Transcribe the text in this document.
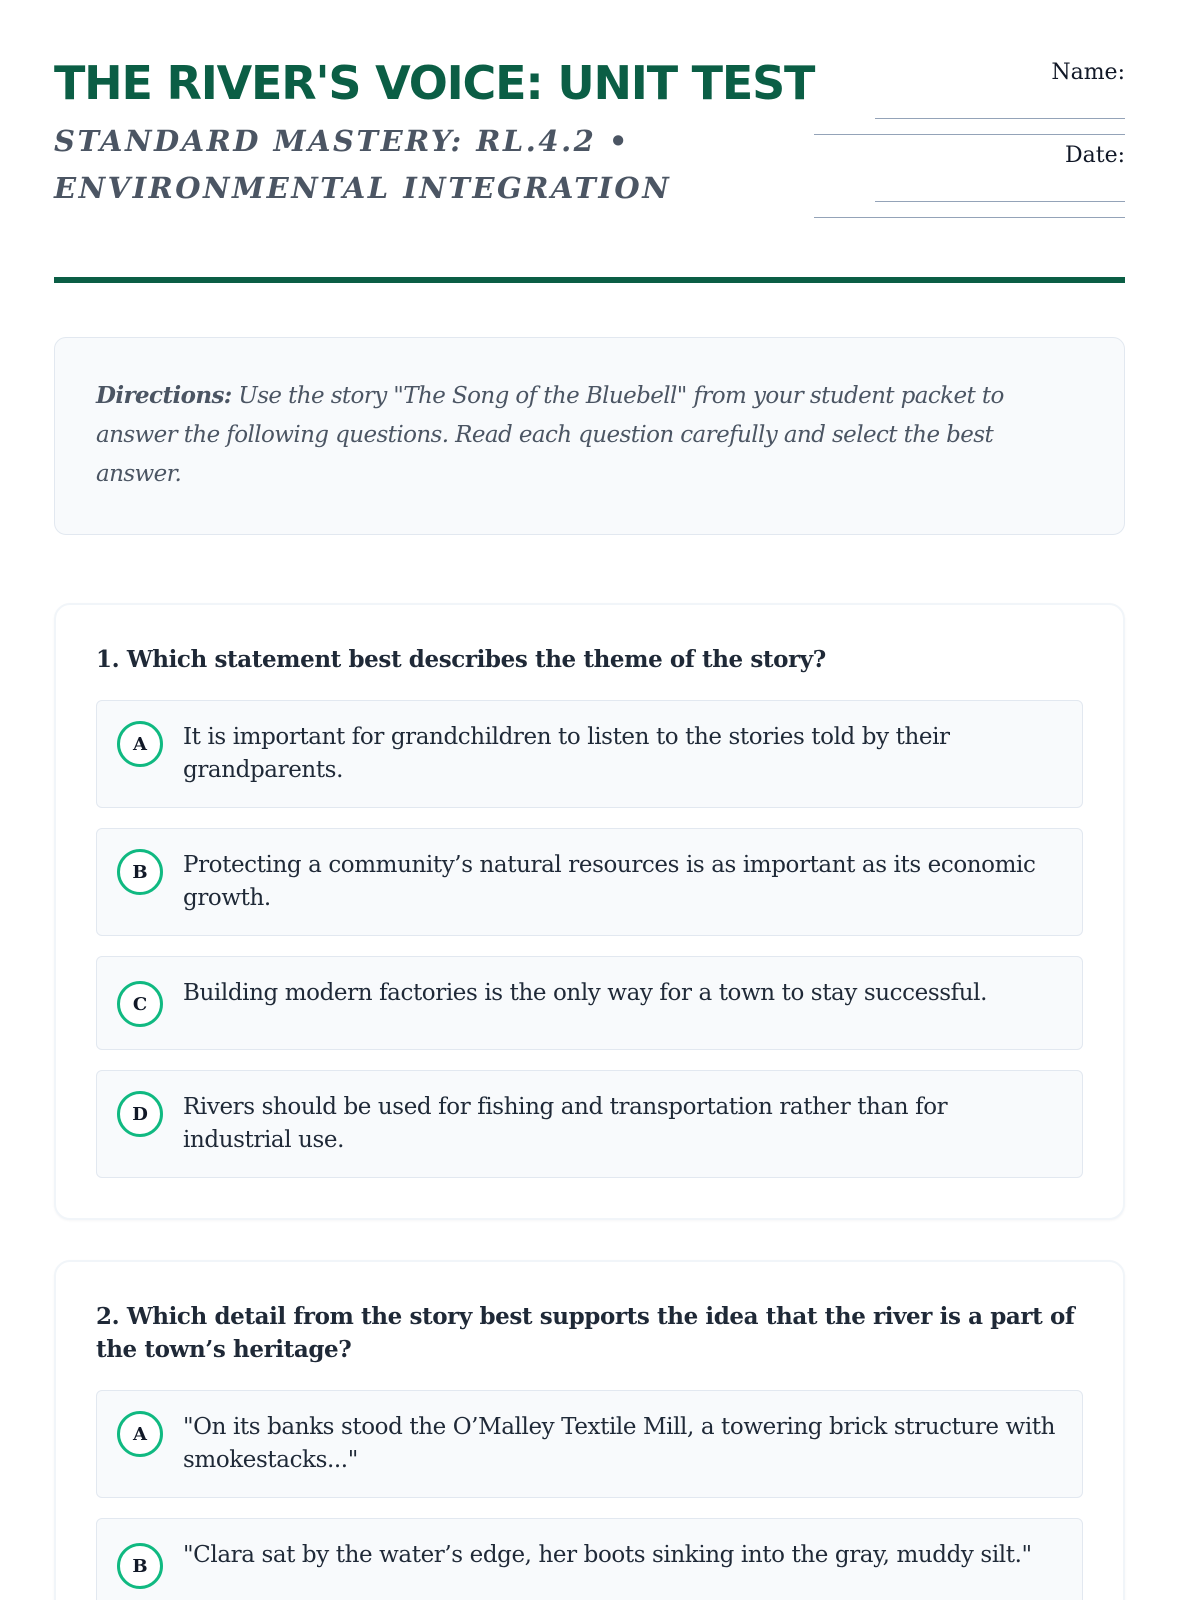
THE RIVER'S VOICE: UNIT TEST

STANDARD MASTERY: RL.4.2 •
ENVIRONMENTAL INTEGRATION

Name:
Date:
Directions: Use the story "The Song of the Bluebell" from your student packet to answer the following questions. Read each question carefully and select the best answer.

1. Which statement best describes the theme of the story?

A	It is important for grandchildren to listen to the stories told by their grandparents.
B	Protecting a community’s natural resources is as important as its economic growth.
C	Building modern factories is the only way for a town to stay successful.
D	Rivers should be used for fishing and transportation rather than for industrial use.

2. Which detail from the story best supports the idea that the river is a part of the town’s heritage?

A	"On its banks stood the O’Malley Textile Mill, a towering brick structure with smokestacks..."
B	"Clara sat by the water’s edge, her boots sinking into the gray, muddy silt."
